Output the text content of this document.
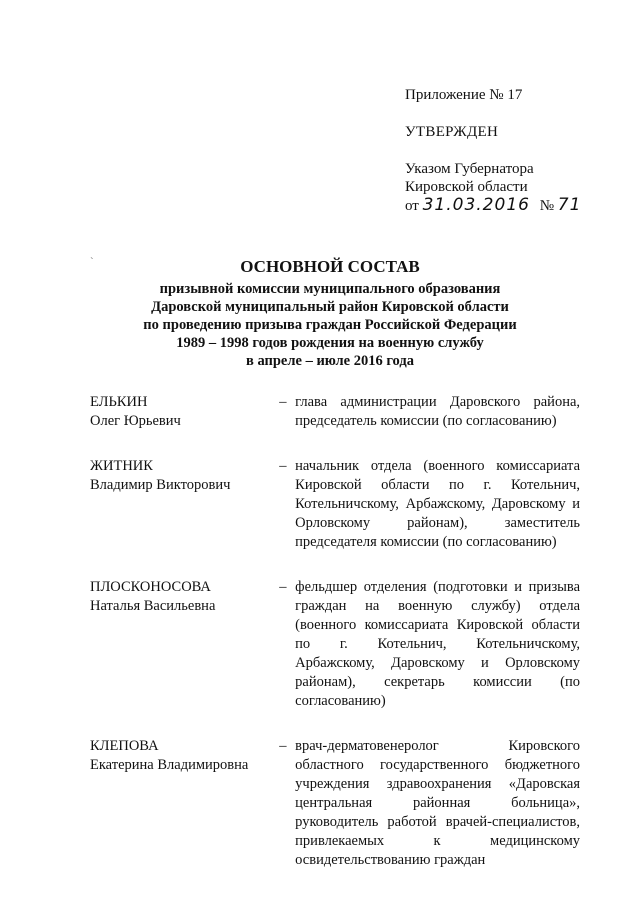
Приложение № 17
УТВЕРЖДЕН
Указом Губернатора
Кировской области
от 31.03.2016 № 71
`	ОСНОВНОЙ СОСТАВ
призывной комиссии муниципального образования
Даровской муниципальный район Кировской области
по проведению призыва граждан Российской Федерации
1989 – 1998 годов рождения на военную службу
в апреле – июле 2016 года
ЕЛЬКИН
Олег Юрьевич
– глава администрации Даровского района, председатель комиссии (по согласованию)
ЖИТНИК
Владимир Викторович
– начальник отдела (военного комиссариата Кировской области по г. Котельнич, Котельничскому, Арбажскому, Даровскому и Орловскому районам), заместитель председателя комиссии (по согласованию)
ПЛОСКОНОСОВА
Наталья Васильевна
– фельдшер отделения (подготовки и призыва граждан на военную службу) отдела (военного комиссариата Кировской области по г. Котельнич, Котельничскому, Арбажскому, Даровскому и Орловскому районам), секретарь комиссии (по согласованию)
КЛЕПОВА
Екатерина Владимировна
– врач-дерматовенеролог Кировского областного государственного бюджетного учреждения здравоохранения «Даровская центральная районная больница», руководитель работой врачей-специалистов, привлекаемых к медицинскому освидетельствованию граждан
